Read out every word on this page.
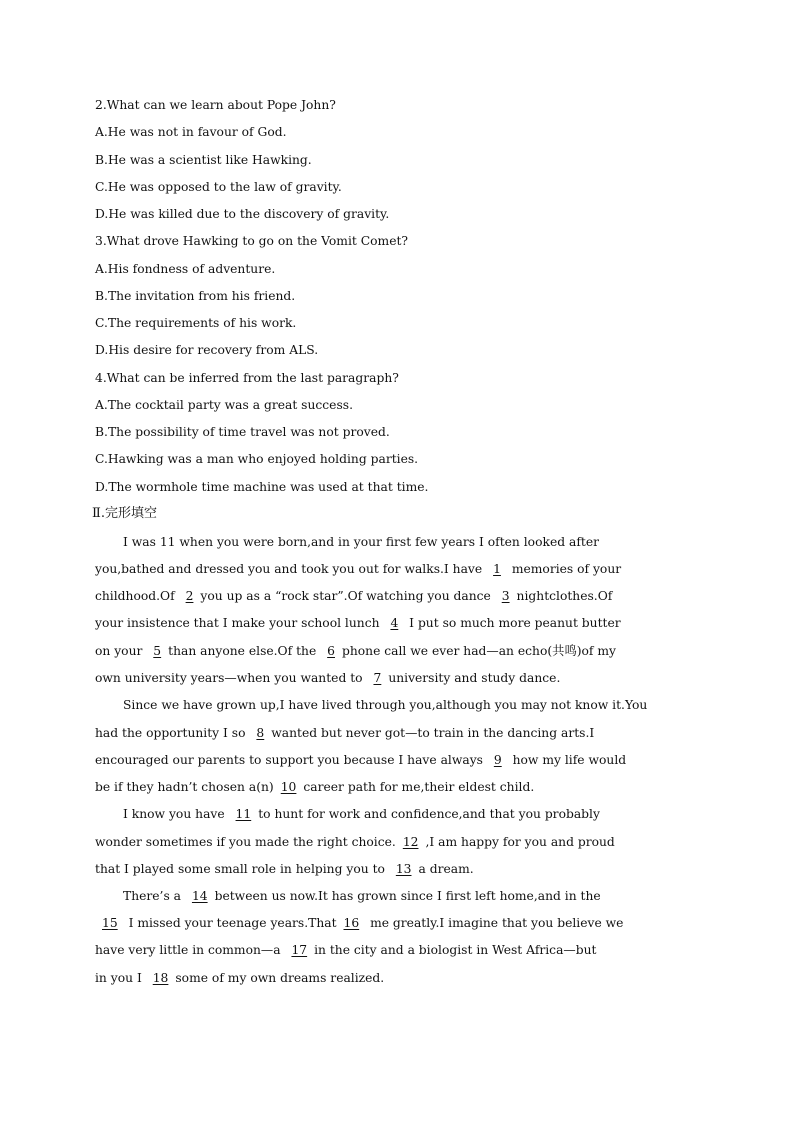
2.What can we learn about Pope John?
A.He was not in favour of God.
B.He was a scientist like Hawking.
C.He was opposed to the law of gravity.
D.He was killed due to the discovery of gravity.
3.What drove Hawking to go on the Vomit Comet?
A.His fondness of adventure.
B.The invitation from his friend.
C.The requirements of his work.
D.His desire for recovery from ALS.
4.What can be inferred from the last paragraph?
A.The cocktail party was a great success.
B.The possibility of time travel was not proved.
C.Hawking was a man who enjoyed holding parties.
D.The wormhole time machine was used at that time.
Ⅱ.完形填空
I was 11 when you were born,and in your first few years I often looked after
you,bathed and dressed you and took you out for walks.I have 1 memories of your
childhood.Of 2 you up as a “rock star”.Of watching you dance 3 nightclothes.Of
your insistence that I make your school lunch 4 I put so much more peanut butter
on your 5 than anyone else.Of the 6 phone call we ever had—an echo(共鸣)of my
own university years—when you wanted to 7 university and study dance.
Since we have grown up,I have lived through you,although you may not know it.You
had the opportunity I so 8 wanted but never got—to train in the dancing arts.I
encouraged our parents to support you because I have always 9 how my life would
be if they hadn’t chosen a(n) 10 career path for me,their eldest child.
I know you have 11 to hunt for work and confidence,and that you probably
wonder sometimes if you made the right choice. 12 ,I am happy for you and proud
that I played some small role in helping you to 13 a dream.
There’s a 14 between us now.It has grown since I first left home,and in the
15 I missed your teenage years.That 16 me greatly.I imagine that you believe we
have very little in common—a 17 in the city and a biologist in West Africa—but
in you I 18 some of my own dreams realized.
